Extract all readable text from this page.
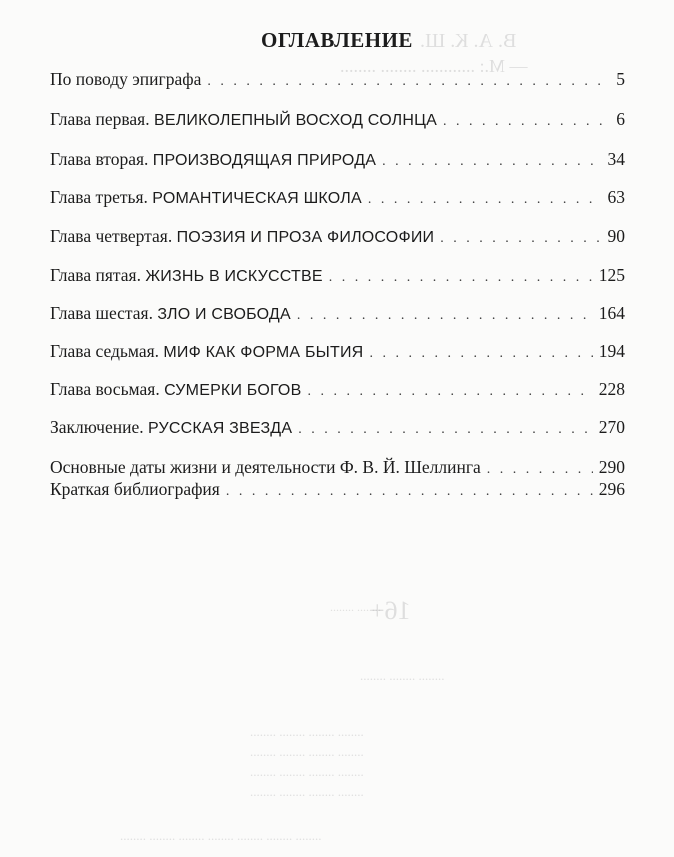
В. А. К. Ш.
— М.: ............ ........ ........
........ ........
16+
........ ........ ........
........ ........ ........ ........
........ ........ ........ ........
........ ........ ........ ........
........ ........ ........ ........
........ ........ ........ ........ ........ ........ ........
ОГЛАВЛЕНИЕ
По поводу эпиграфа . . .	5
Глава первая. ВЕЛИКОЛЕПНЫЙ ВОСХОД СОЛНЦА . . .	6
Глава вторая. ПРОИЗВОДЯЩАЯ ПРИРОДА . . .	34
Глава третья. РОМАНТИЧЕСКАЯ ШКОЛА . . .	63
Глава четвертая. ПОЭЗИЯ И ПРОЗА ФИЛОСОФИИ . . .	90
Глава пятая. ЖИЗНЬ В ИСКУССТВЕ . . .	125
Глава шестая. ЗЛО И СВОБОДА . . .	164
Глава седьмая. МИФ КАК ФОРМА БЫТИЯ . . .	194
Глава восьмая. СУМЕРКИ БОГОВ . . .	228
Заключение. РУССКАЯ ЗВЕЗДА . . .	270
Основные даты жизни и деятельности Ф. В. Й. Шеллинга . . .	290
Краткая библиография . . .	296
